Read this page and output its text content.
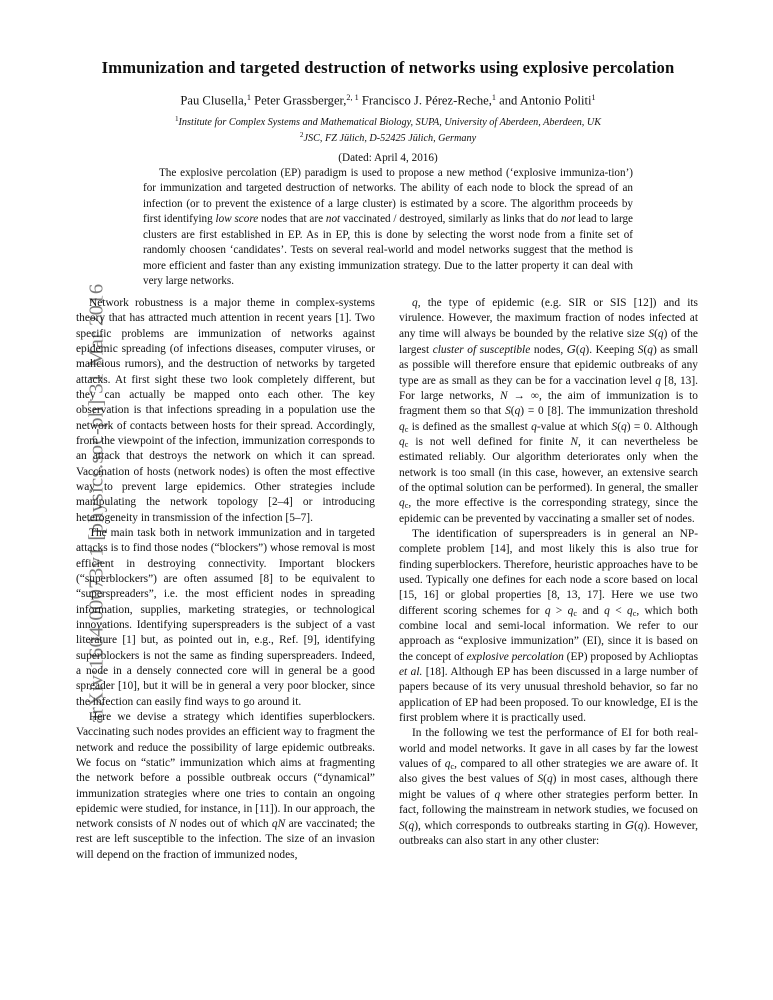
arXiv:1604.00073v1 [physics.soc-ph] 31 Mar 2016
Immunization and targeted destruction of networks using explosive percolation
Pau Clusella,$^1$ Peter Grassberger,$^{2, 1}$ Francisco J. Pérez-Reche,$^1$ and Antonio Politi$^1$
$^1$Institute for Complex Systems and Mathematical Biology, SUPA, University of Aberdeen, Aberdeen, UK
$^2$JSC, FZ Jülich, D-52425 Jülich, Germany
(Dated: April 4, 2016)
The explosive percolation (EP) paradigm is used to propose a new method (‘explosive immuniza-tion’) for immunization and targeted destruction of networks. The ability of each node to block the spread of an infection (or to prevent the existence of a large cluster) is estimated by a score. The algorithm proceeds by first identifying low score nodes that are not vaccinated / destroyed, similarly as links that do not lead to large clusters are first established in EP. As in EP, this is done by selecting the worst node from a finite set of randomly choosen ‘candidates’. Tests on several real-world and model networks suggest that the method is more efficient and faster than any existing immunization strategy. Due to the latter property it can deal with very large networks.

Network robustness is a major theme in complex-systems theory that has attracted much attention in recent years [1]. Two specific problems are immunization of networks against epidemic spreading (of infections diseases, computer viruses, or malicious rumors), and the destruction of networks by targeted attacks. At first sight these two look completely different, but they can actually be mapped onto each other. The key observation is that infections spreading in a population use the network of contacts between hosts for their spread. Accordingly, from the viewpoint of the infection, immunization corresponds to an attack that destroys the network on which it can spread. Vaccination of hosts (network nodes) is often the most effective way to prevent large epidemics. Other strategies include manipulating the network topology [2–4] or introducing heterogeneity in transmission of the infection [5–7].

The main task both in network immunization and in targeted attacks is to find those nodes (“blockers”) whose removal is most efficient in destroying connectivity. Important blockers (“superblockers”) are often assumed [8] to be equivalent to “superspreaders”, i.e. the most efficient nodes in spreading information, supplies, marketing strategies, or technological innovations. Identifying superspreaders is the subject of a vast literature [1] but, as pointed out in, e.g., Ref. [9], identifying superblockers is not the same as finding superspreaders. Indeed, a node in a densely connected core will in general be a good spreader [10], but it will be in general a very poor blocker, since the infection can easily find ways to go around it.

Here we devise a strategy which identifies superblockers. Vaccinating such nodes provides an efficient way to fragment the network and reduce the possibility of large epidemic outbreaks. We focus on “static” immunization which aims at fragmenting the network before a possible outbreak occurs (“dynamical” immunization strategies where one tries to contain an ongoing epidemic were studied, for instance, in [11]). In our approach, the network consists of N nodes out of which qN are vaccinated; the rest are left susceptible to the infection. The size of an invasion will depend on the fraction of immunized nodes,

q, the type of epidemic (e.g. SIR or SIS [12]) and its virulence. However, the maximum fraction of nodes infected at any time will always be bounded by the relative size S(q) of the largest cluster of susceptible nodes, G(q). Keeping S(q) as small as possible will therefore ensure that epidemic outbreaks of any type are as small as they can be for a vaccination level q [8, 13]. For large networks, N → ∞, the aim of immunization is to fragment them so that S(q) = 0 [8]. The immunization threshold $q_c$ is defined as the smallest q-value at which S(q) = 0. Although $q_c$ is not well defined for finite N, it can nevertheless be estimated reliably. Our algorithm deteriorates only when the network is too small (in this case, however, an extensive search of the optimal solution can be performed). In general, the smaller $q_c$, the more effective is the corresponding strategy, since the epidemic can be prevented by vaccinating a smaller set of nodes.

The identification of superspreaders is in general an NP-complete problem [14], and most likely this is also true for finding superblockers. Therefore, heuristic approaches have to be used. Typically one defines for each node a score based on local [15, 16] or global properties [8, 13, 17]. Here we use two different scoring schemes for $q > q_c$ and $q < q_c$, which both combine local and semi-local information. We refer to our approach as “explosive immunization” (EI), since it is based on the concept of explosive percolation (EP) proposed by Achlioptas et al. [18]. Although EP has been discussed in a large number of papers because of its very unusual threshold behavior, so far no application of EP had been proposed. To our knowledge, EI is the first problem where it is practically used.

In the following we test the performance of EI for both real-world and model networks. It gave in all cases by far the lowest values of $q_c$, compared to all other strategies we are aware of. It also gives the best values of S(q) in most cases, although there might be values of q where other strategies perform better. In fact, following the mainstream in network studies, we focused on S(q), which corresponds to outbreaks starting in G(q). However, outbreaks can also start in any other cluster:
